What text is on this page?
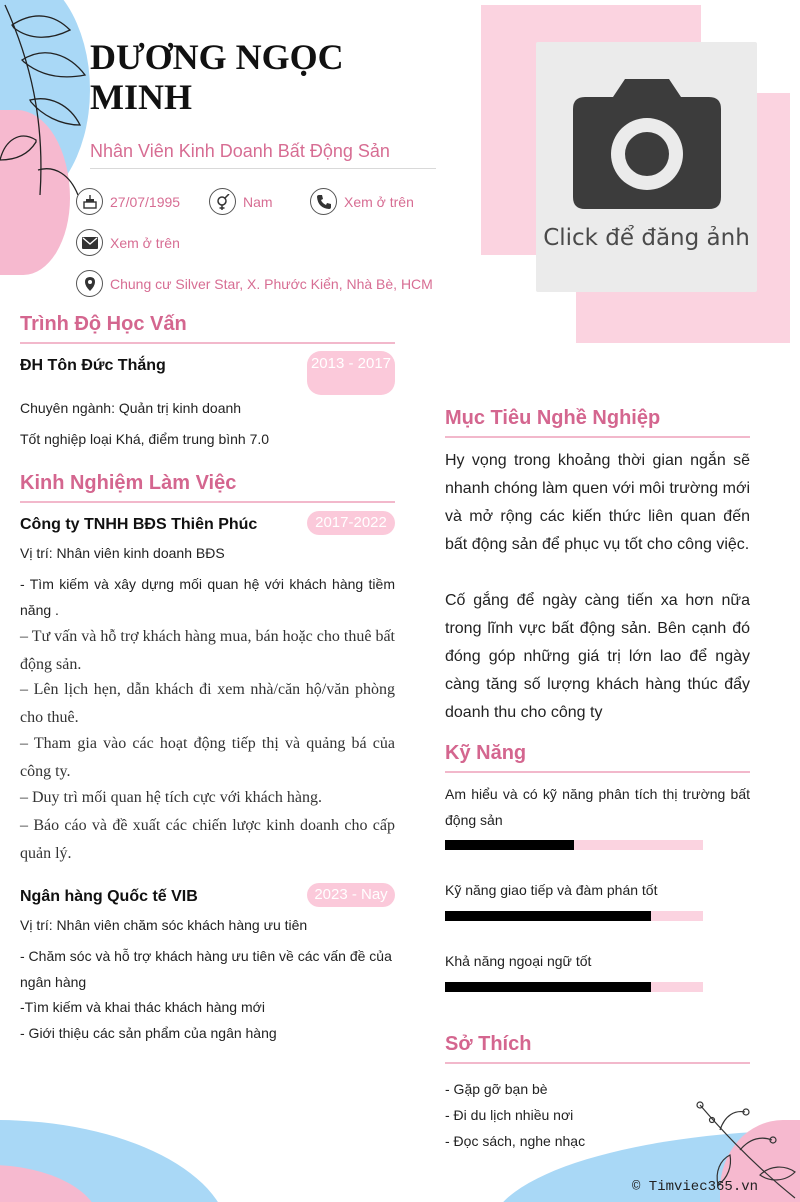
Click để đăng ảnh
DƯƠNG NGỌC MINH
Nhân Viên Kinh Doanh Bất Động Sản
27/07/1995	Nam	Xem ở trên
Xem ở trên
Chung cư Silver Star, X. Phước Kiển, Nhà Bè, HCM
Trình Độ Học Vấn
ĐH Tôn Đức Thắng	2013 - 2017
Chuyên ngành: Quản trị kinh doanh
Tốt nghiệp loại Khá, điểm trung bình 7.0
Kinh Nghiệm Làm Việc
Công ty TNHH BĐS Thiên Phúc	2017-2022
Vị trí: Nhân viên kinh doanh BĐS
- Tìm kiếm và xây dựng mối quan hệ với khách hàng tiềm năng .
– Tư vấn và hỗ trợ khách hàng mua, bán hoặc cho thuê bất động sản.
– Lên lịch hẹn, dẫn khách đi xem nhà/căn hộ/văn phòng cho thuê.
– Tham gia vào các hoạt động tiếp thị và quảng bá của công ty.
– Duy trì mối quan hệ tích cực với khách hàng.
– Báo cáo và đề xuất các chiến lược kinh doanh cho cấp quản lý.
Ngân hàng Quốc tế VIB	2023 - Nay
Vị trí: Nhân viên chăm sóc khách hàng ưu tiên
- Chăm sóc và hỗ trợ khách hàng ưu tiên về các vấn đề của ngân hàng
-Tìm kiếm và khai thác khách hàng mới
- Giới thiệu các sản phẩm của ngân hàng
Mục Tiêu Nghề Nghiệp
Hy vọng trong khoảng thời gian ngắn sẽ nhanh chóng làm quen với môi trường mới và mở rộng các kiến thức liên quan đến bất động sản để phục vụ tốt cho công việc.
Cố gắng để ngày càng tiến xa hơn nữa trong lĩnh vực bất động sản. Bên cạnh đó đóng góp những giá trị lớn lao để ngày càng tăng số lượng khách hàng thúc đẩy doanh thu cho công ty
Kỹ Năng
Am hiểu và có kỹ năng phân tích thị trường bất động sản
Kỹ năng giao tiếp và đàm phán tốt
Khả năng ngoại ngữ tốt
Sở Thích
- Gặp gỡ bạn bè
- Đi du lịch nhiều nơi
- Đọc sách, nghe nhạc
© Timviec365.vn
